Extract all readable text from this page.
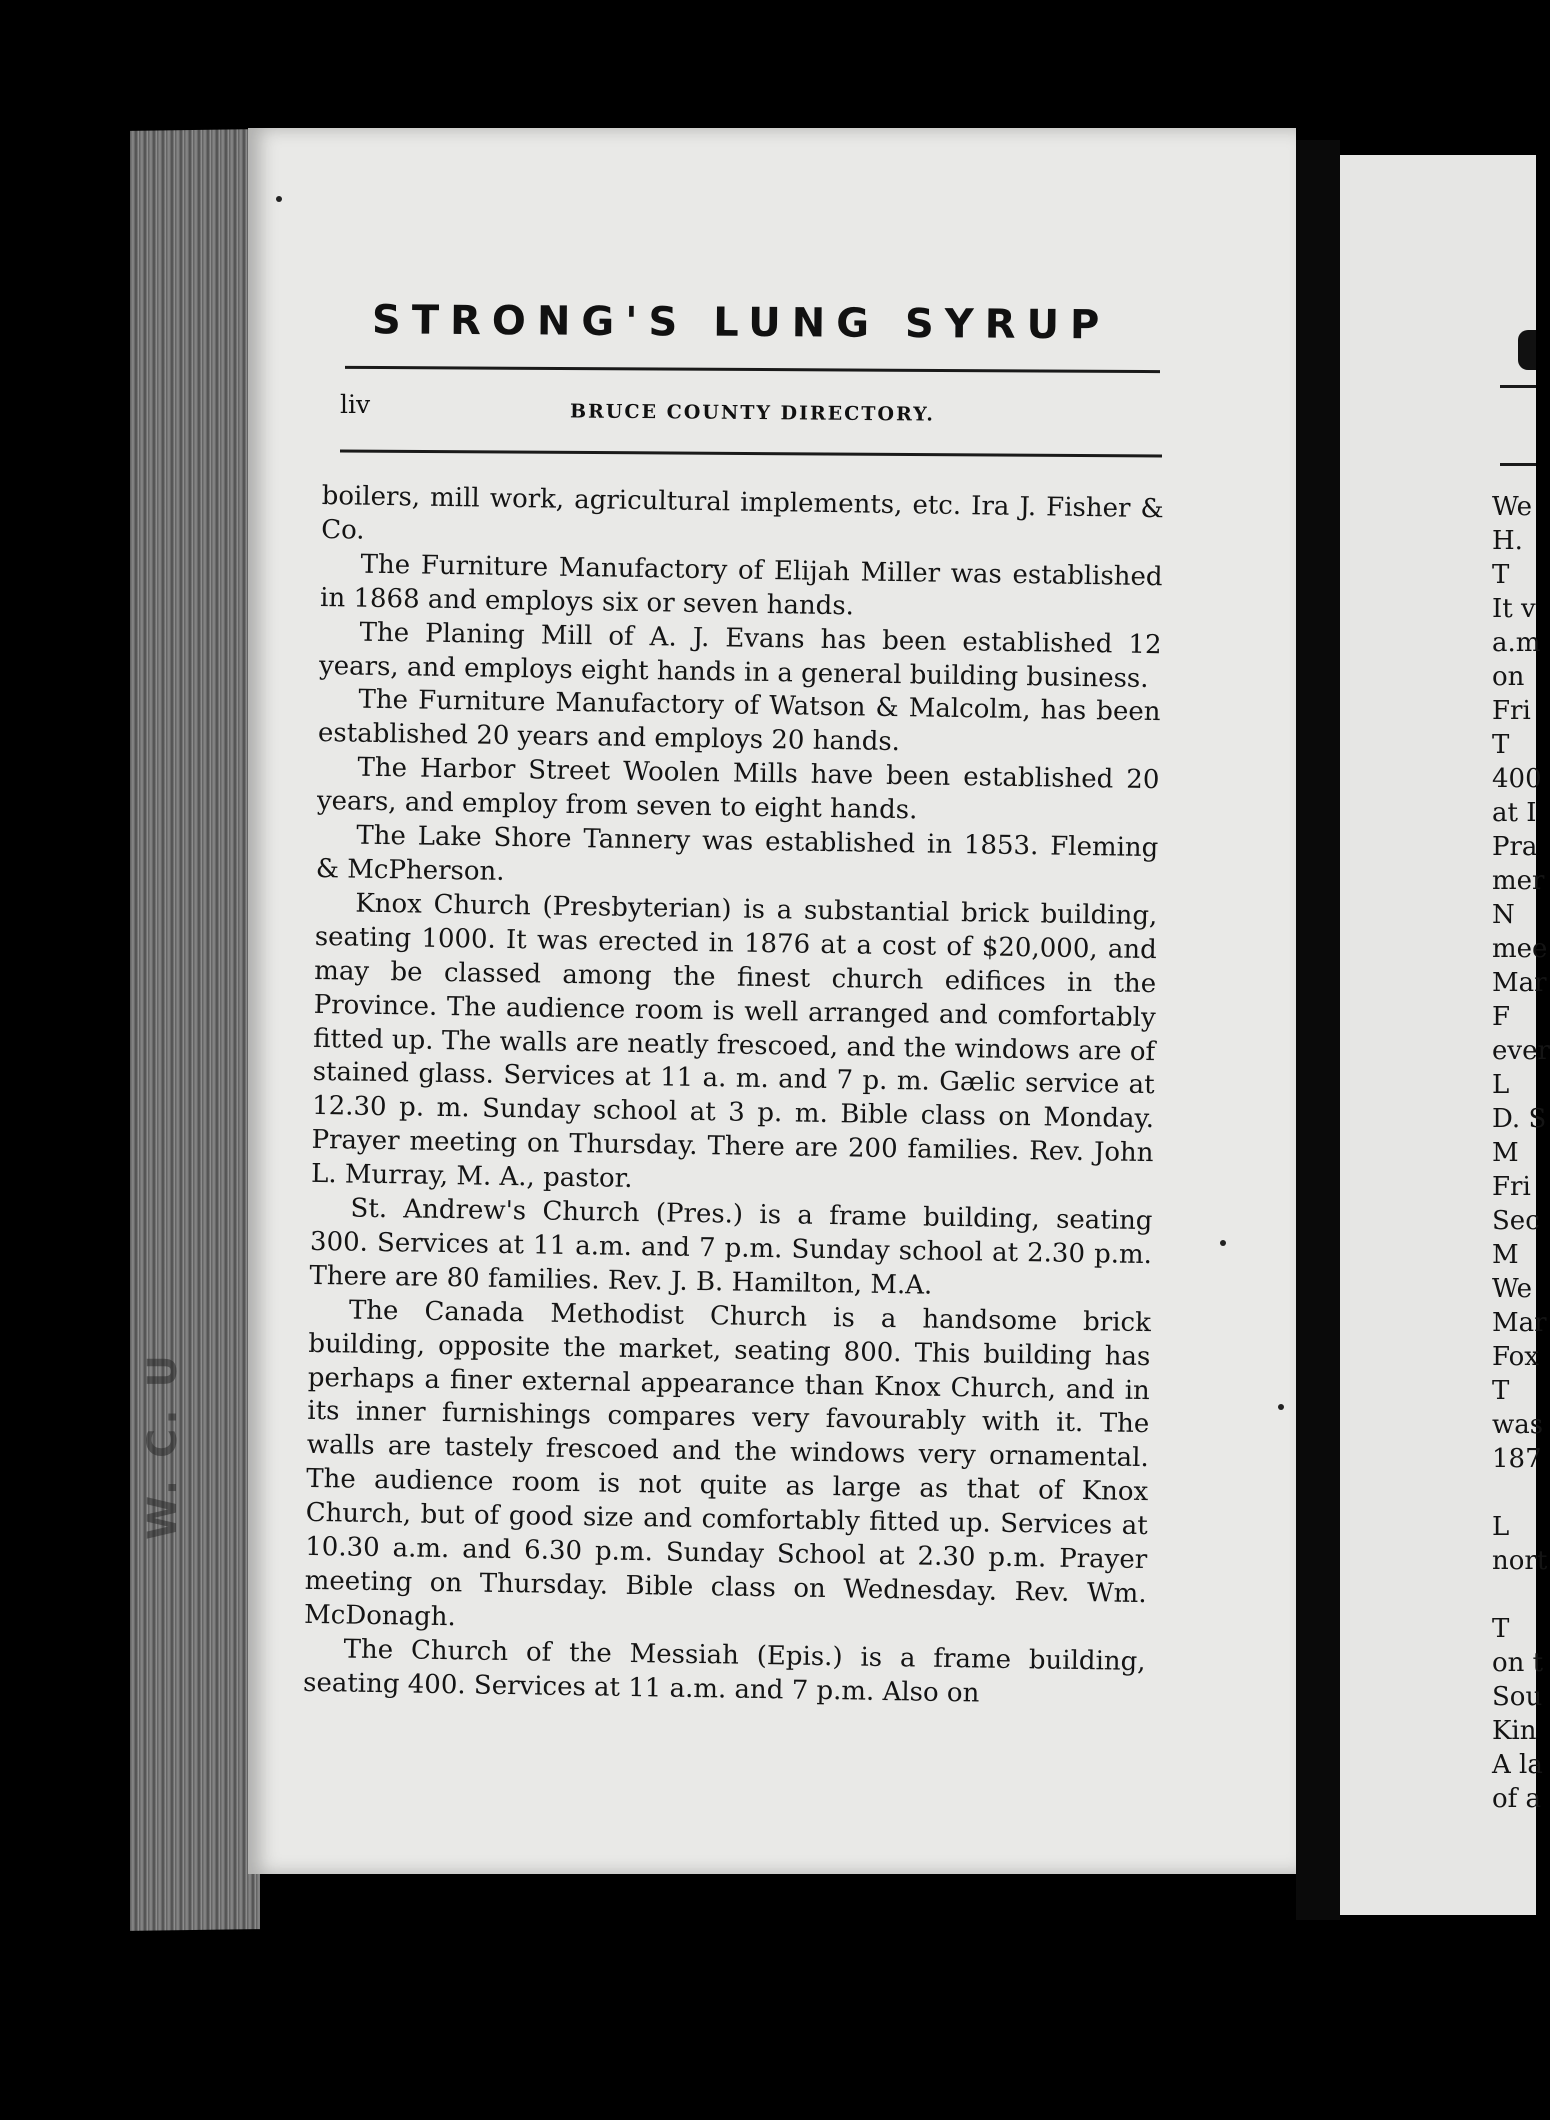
W. C. U
STRONG'S LUNG SYRUP
liv	BRUCE COUNTY DIRECTORY.

boilers, mill work, agricultural implements, etc. Ira J. Fisher & Co.

The Furniture Manufactory of Elijah Miller was established in 1868 and employs six or seven hands.

The Planing Mill of A. J. Evans has been established 12 years, and employs eight hands in a general building business.

The Furniture Manufactory of Watson & Malcolm, has been established 20 years and employs 20 hands.

The Harbor Street Woolen Mills have been established 20 years, and employ from seven to eight hands.

The Lake Shore Tannery was established in 1853. Fleming & McPherson.

Knox Church (Presbyterian) is a substantial brick building, seating 1000. It was erected in 1876 at a cost of $20,000, and may be classed among the finest church edifices in the Province. The audience room is well arranged and comfortably fitted up. The walls are neatly frescoed, and the windows are of stained glass. Services at 11 a. m. and 7 p. m. Gælic service at 12.30 p. m. Sunday school at 3 p. m. Bible class on Monday. Prayer meeting on Thursday. There are 200 families. Rev. John L. Murray, M. A., pastor.

St. Andrew's Church (Pres.) is a frame building, seating 300. Services at 11 a.m. and 7 p.m. Sunday school at 2.30 p.m. There are 80 families. Rev. J. B. Hamilton, M.A.

The Canada Methodist Church is a handsome brick building, opposite the market, seating 800. This building has perhaps a finer external appearance than Knox Church, and in its inner furnishings compares very favourably with it. The walls are tastely frescoed and the windows very ornamental. The audience room is not quite as large as that of Knox Church, but of good size and comfortably fitted up. Services at 10.30 a.m. and 6.30 p.m. Sunday School at 2.30 p.m. Prayer meeting on Thursday. Bible class on Wednesday. Rev. Wm. McDonagh.

The Church of the Messiah (Epis.) is a frame building, seating 400. Services at 11 a.m. and 7 p.m. Also on

We
H.
T
It v
a.m
on
Fri
T
400
at I
Pra
mer
N
mee
Mar
F
ever
L
D. S
M
Fri
Sec
M
We
Mar
Fox
T
was
187

L
nort

T
on t
Sou
Kin
A la
of a
